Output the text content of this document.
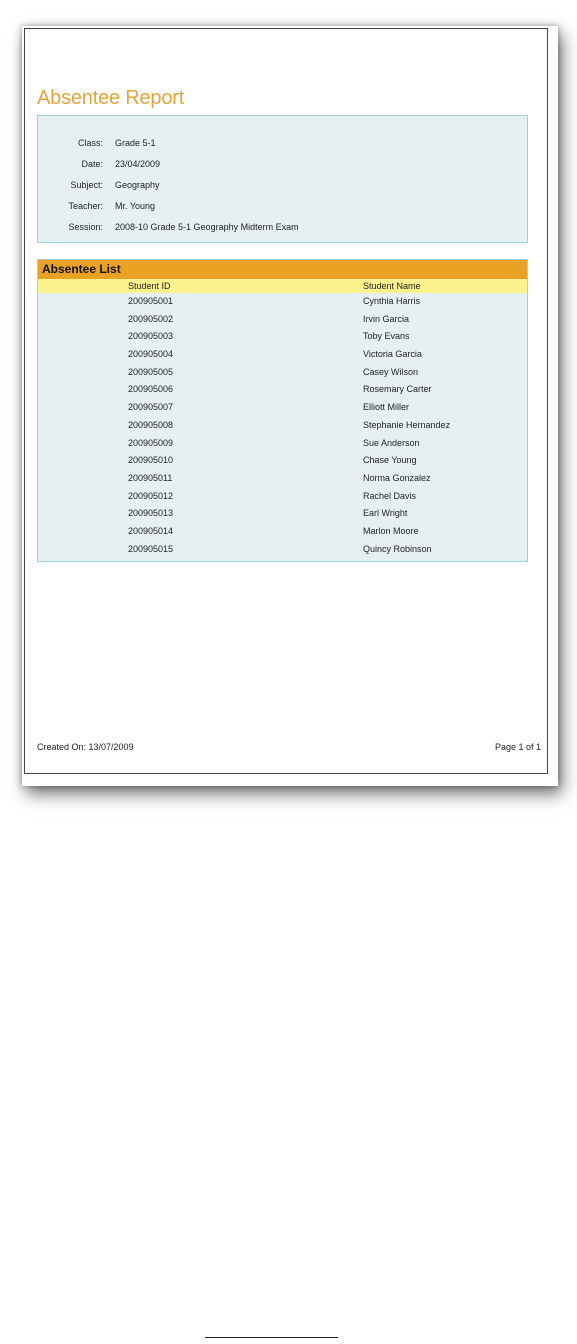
Absentee Report
Class: Grade 5-1
Date: 23/04/2009
Subject: Geography
Teacher: Mr. Young
Session: 2008-10 Grade 5-1 Geography Midterm Exam
Absentee List
Student ID	Student Name
200905001	Cynthia Harris
200905002	Irvin Garcia
200905003	Toby Evans
200905004	Victoria Garcia
200905005	Casey Wilson
200905006	Rosemary Carter
200905007	Elliott Miller
200905008	Stephanie Hernandez
200905009	Sue Anderson
200905010	Chase Young
200905011	Norma Gonzalez
200905012	Rachel Davis
200905013	Earl Wright
200905014	Marlon Moore
200905015	Quincy Robinson
Created On: 13/07/2009	Page 1 of 1
